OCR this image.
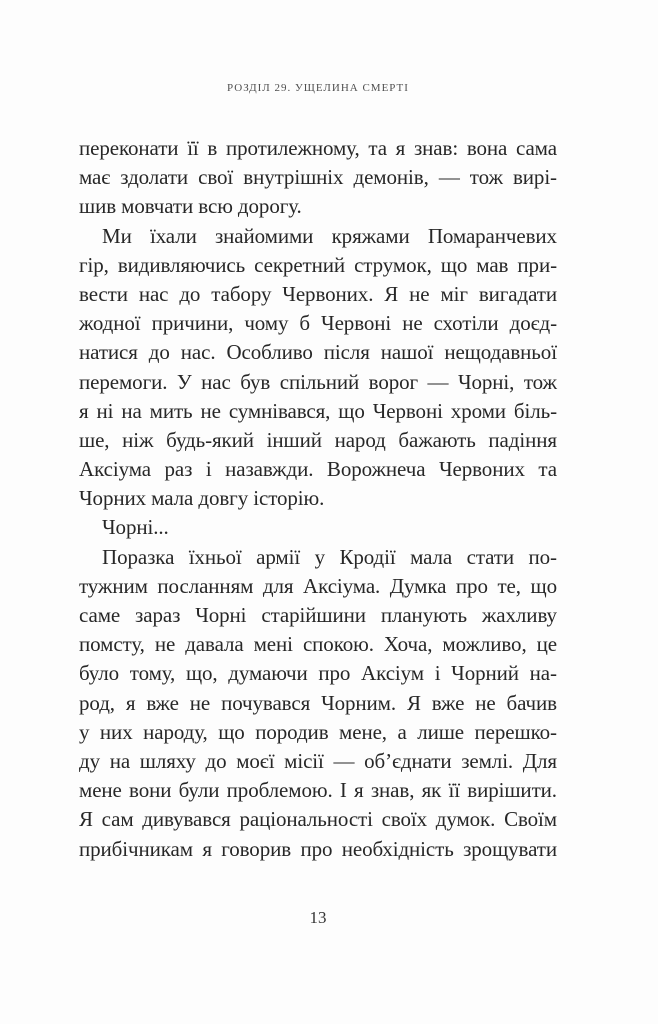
РОЗДІЛ 29. УЩЕЛИНА СМЕРТІ
переконати її в протилежному, та я знав: вона сама
має здолати свої внутрішніх демонів, — тож вирі-
шив мовчати всю дорогу.
Ми їхали знайомими кряжами Помаранчевих
гір, видивляючись секретний струмок, що мав при-
вести нас до табору Червоних. Я не міг вигадати
жодної причини, чому б Червоні не схотіли доєд-
натися до нас. Особливо після нашої нещодавньої
перемоги. У нас був спільний ворог — Чорні, тож
я ні на мить не сумнівався, що Червоні хроми біль-
ше, ніж будь-який інший народ бажають падіння
Аксіума раз і назавжди. Ворожнеча Червоних та
Чорних мала довгу історію.
Чорні...
Поразка їхньої армії у Кродії мала стати по-
тужним посланням для Аксіума. Думка про те, що
саме зараз Чорні старійшини планують жахливу
помсту, не давала мені спокою. Хоча, можливо, це
було тому, що, думаючи про Аксіум і Чорний на-
род, я вже не почувався Чорним. Я вже не бачив
у них народу, що породив мене, а лише перешко-
ду на шляху до моєї місії — об’єднати землі. Для
мене вони були проблемою. І я знав, як її вирішити.
Я сам дивувався раціональності своїх думок. Своїм
прибічникам я говорив про необхідність зрощувати
13
